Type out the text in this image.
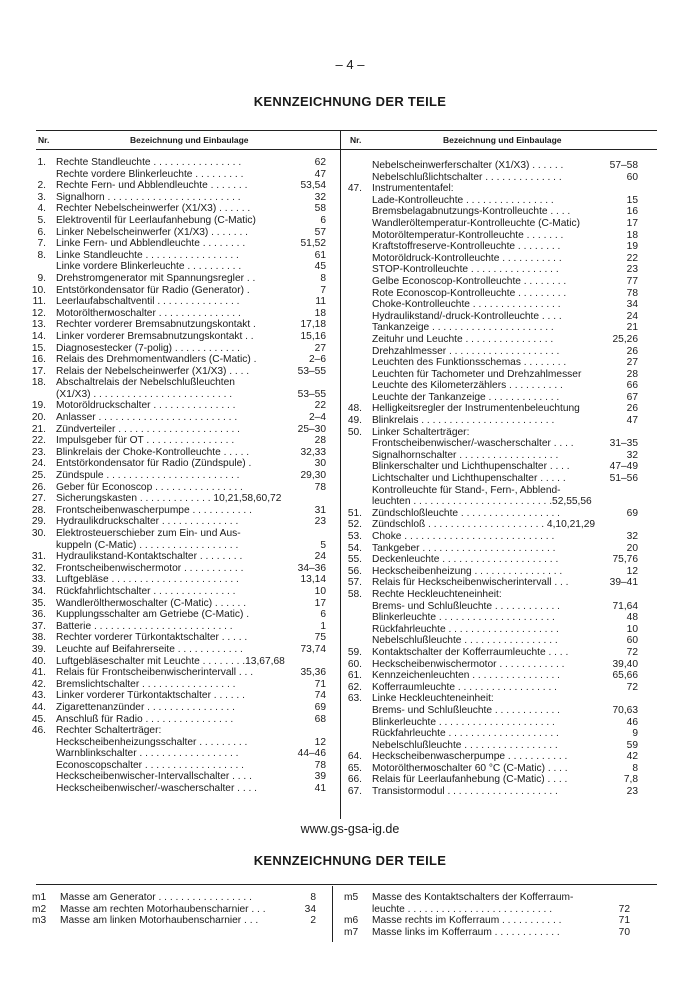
– 4 –
KENNZEICHNUNG DER TEILE
Nr.	Bezeichnung und Einbaulage	Nr.	Bezeichnung und Einbaulage
1. Rechte Standleuchte . . . . . . . . . . . . . . . .	62
Rechte vordere Blinkerleuchte . . . . . . . . .	47
2. Rechte Fern- und Abblendleuchte . . . . . . .	53,54
3. Signalhorn . . . . . . . . . . . . . . . . . . . . . . . .	32
4. Rechter Nebelscheinwerfer (X1/X3) . . . . . .	58
5. Elektroventil für Leerlaufanhebung (C-Matic)	6
6. Linker Nebelscheinwerfer (X1/X3) . . . . . . .	57
7. Linke Fern- und Abblendleuchte . . . . . . . .	51,52
8. Linke Standleuchte . . . . . . . . . . . . . . . . .	61
Linke vordere Blinkerleuchte . . . . . . . . . .	45
9. Drehstromgenerator mit Spannungsregler . .	8
10. Entstörkondensator für Radio (Generator) .	7
11. Leerlaufabschaltventil . . . . . . . . . . . . . . .	11
12. Motoröltherмоschalter . . . . . . . . . . . . . . .	18
13. Rechter vorderer Bremsabnutzungskontakt .	17,18
14. Linker vorderer Bremsabnutzungskontakt . .	15,16
15. Diagnosestecker (7-polig) . . . . . . . . . . . .	27
16. Relais des Drehmomentwandlers (C-Matic) .	2–6
17. Relais der Nebelscheinwerfer (X1/X3) . . . .	53–55
18. Abschaltrelais der Nebelschlußleuchten
(X1/X3) . . . . . . . . . . . . . . . . . . . . . . . . .	53–55
19. Motoröldruckschalter . . . . . . . . . . . . . . .	22
20. Anlasser . . . . . . . . . . . . . . . . . . . . . . . . .	2–4
21. Zündverteiler . . . . . . . . . . . . . . . . . . . . . .	25–30
22. Impulsgeber für OT . . . . . . . . . . . . . . . .	28
23. Blinkrelais der Choke-Kontrolleuchte . . . . .	32,33
24. Entstörkondensator für Radio (Zündspule) .	30
25. Zündspule . . . . . . . . . . . . . . . . . . . . . . . .	29,30
26. Geber für Econoscop . . . . . . . . . . . . . . . .	78
27. Sicherungskasten . . . . . . . . . . . . . 10,21,58,60,72
28. Frontscheibenwascherpumpe . . . . . . . . . . .	31
29. Hydraulikdruckschalter . . . . . . . . . . . . . .	23
30. Elektrosteuerschieber zum Ein- und Aus-
kuppeln (C-Matic) . . . . . . . . . . . . . . . . . .	5
31. Hydraulikstand-Kontaktschalter . . . . . . . .	24
32. Frontscheibenwischermotor . . . . . . . . . . .	34–36
33. Luftgebläse . . . . . . . . . . . . . . . . . . . . . . .	13,14
34. Rückfahrlichtschalter . . . . . . . . . . . . . . .	10
35. Wandleröltherмоschalter (C-Matic) . . . . . .	17
36. Kupplungsschalter am Getriebe (C-Matic) .	6
37. Batterie . . . . . . . . . . . . . . . . . . . . . . . . .	1
38. Rechter vorderer Türkontaktschalter . . . . .	75
39. Leuchte auf Beifahrerseite . . . . . . . . . . . .	73,74
40. Luftgebläseschalter mit Leuchte . . . . . . . .13,67,68
41. Relais für Frontscheibenwischerintervall . . .	35,36
42. Bremslichtschalter . . . . . . . . . . . . . . . . .	71
43. Linker vorderer Türkontaktschalter . . . . . .	74
44. Zigarettenanzünder . . . . . . . . . . . . . . . .	69
45. Anschluß für Radio . . . . . . . . . . . . . . . .	68
46. Rechter Schalterträger:
Heckscheibenheizungsschalter . . . . . . . . .	12
Warnblinkschalter . . . . . . . . . . . . . . . . . .	44–46
Econoscopschalter . . . . . . . . . . . . . . . . . .	78
Heckscheibenwischer-Intervallschalter . . . .	39
Heckscheibenwischer/-wascherschalter . . . .	41
Nebelscheinwerferschalter (X1/X3) . . . . . .	57–58
Nebelschlußlichtschalter . . . . . . . . . . . . . .	60
47. Instrumententafel:
Lade-Kontrolleuchte . . . . . . . . . . . . . . . .	15
Bremsbelagabnutzungs-Kontrolleuchte . . . .	16
Wandleröltemperatur-Kontrolleuchte (C-Matic)	17
Motoröltemperatur-Kontrolleuchte . . . . . . .	18
Kraftstoffreserve-Kontrolleuchte . . . . . . . .	19
Motoröldruck-Kontrolleuchte . . . . . . . . . . .	22
STOP-Kontrolleuchte . . . . . . . . . . . . . . . .	23
Gelbe Econoscop-Kontrolleuchte . . . . . . . .	77
Rote Econoscop-Kontrolleuchte . . . . . . . . .	78
Choke-Kontrolleuchte . . . . . . . . . . . . . . . .	34
Hydraulikstand/-druck-Kontrolleuchte . . . .	24
Tankanzeige . . . . . . . . . . . . . . . . . . . . . .	21
Zeituhr und Leuchte . . . . . . . . . . . . . . . .	25,26
Drehzahlmesser . . . . . . . . . . . . . . . . . . . .	26
Leuchten des Funktionsschemas . . . . . . . .	27
Leuchten für Tachometer und Drehzahlmesser	28
Leuchte des Kilometerzählers . . . . . . . . . .	66
Leuchte der Tankanzeige . . . . . . . . . . . . .	67
48. Helligkeitsregler der Instrumentenbeleuchtung	26
49. Blinkrelais . . . . . . . . . . . . . . . . . . . . . . . .	47
50. Linker Schalterträger:
Frontscheibenwischer/-wascherschalter . . . .	31–35
Signalhornschalter . . . . . . . . . . . . . . . . . .	32
Blinkerschalter und Lichthupenschalter . . . .	47–49
Lichtschalter und Lichthupenschalter . . . . .	51–56
Kontrolleuchte für Stand-, Fern-, Abblend-
leuchten . . . . . . . . . . . . . . . . . . . . . . . . .52,55,56
51. Zündschloßleuchte . . . . . . . . . . . . . . . . . .	69
52. Zündschloß . . . . . . . . . . . . . . . . . . . . . 4,10,21,29
53. Choke . . . . . . . . . . . . . . . . . . . . . . . . . . .	32
54. Tankgeber . . . . . . . . . . . . . . . . . . . . . . . .	20
55. Deckenleuchte . . . . . . . . . . . . . . . . . . . . .	75,76
56. Heckscheibenheizung . . . . . . . . . . . . . . . .	12
57. Relais für Heckscheibenwischerintervall . . .	39–41
58. Rechte Heckleuchteneinheit:
Brems- und Schlußleuchte . . . . . . . . . . . .	71,64
Blinkerleuchte . . . . . . . . . . . . . . . . . . . . .	48
Rückfahrleuchte . . . . . . . . . . . . . . . . . . . .	10
Nebelschlußleuchte . . . . . . . . . . . . . . . . .	60
59. Kontaktschalter der Kofferraumleuchte . . . .	72
60. Heckscheibenwischermotor . . . . . . . . . . . .	39,40
61. Kennzeichenleuchten . . . . . . . . . . . . . . . .	65,66
62. Kofferraumleuchte . . . . . . . . . . . . . . . . . .	72
63. Linke Heckleuchteneinheit:
Brems- und Schlußleuchte . . . . . . . . . . . .	70,63
Blinkerleuchte . . . . . . . . . . . . . . . . . . . . .	46
Rückfahrleuchte . . . . . . . . . . . . . . . . . . . .	9
Nebelschlußleuchte . . . . . . . . . . . . . . . . .	59
64. Heckscheibenwascherpumpe . . . . . . . . . . .	42
65. Motoröltherмоschalter 60 °C (C-Matic) . . . .	8
66. Relais für Leerlaufanhebung (C-Matic) . . . .	7,8
67. Transistormodul . . . . . . . . . . . . . . . . . . . .	23
www.gs-gsa-ig.de
KENNZEICHNUNG DER TEILE
m1 Masse am Generator . . . . . . . . . . . . . . . . .	8
m2 Masse am rechten Motorhaubenscharnier . . .	34
m3 Masse am linken Motorhaubenscharnier . . .	2
m5 Masse des Kontaktschalters der Kofferraum-
leuchte . . . . . . . . . . . . . . . . . . . . . . . . . .	72
m6 Masse rechts im Kofferraum . . . . . . . . . . .	71
m7 Masse links im Kofferraum . . . . . . . . . . . .	70
